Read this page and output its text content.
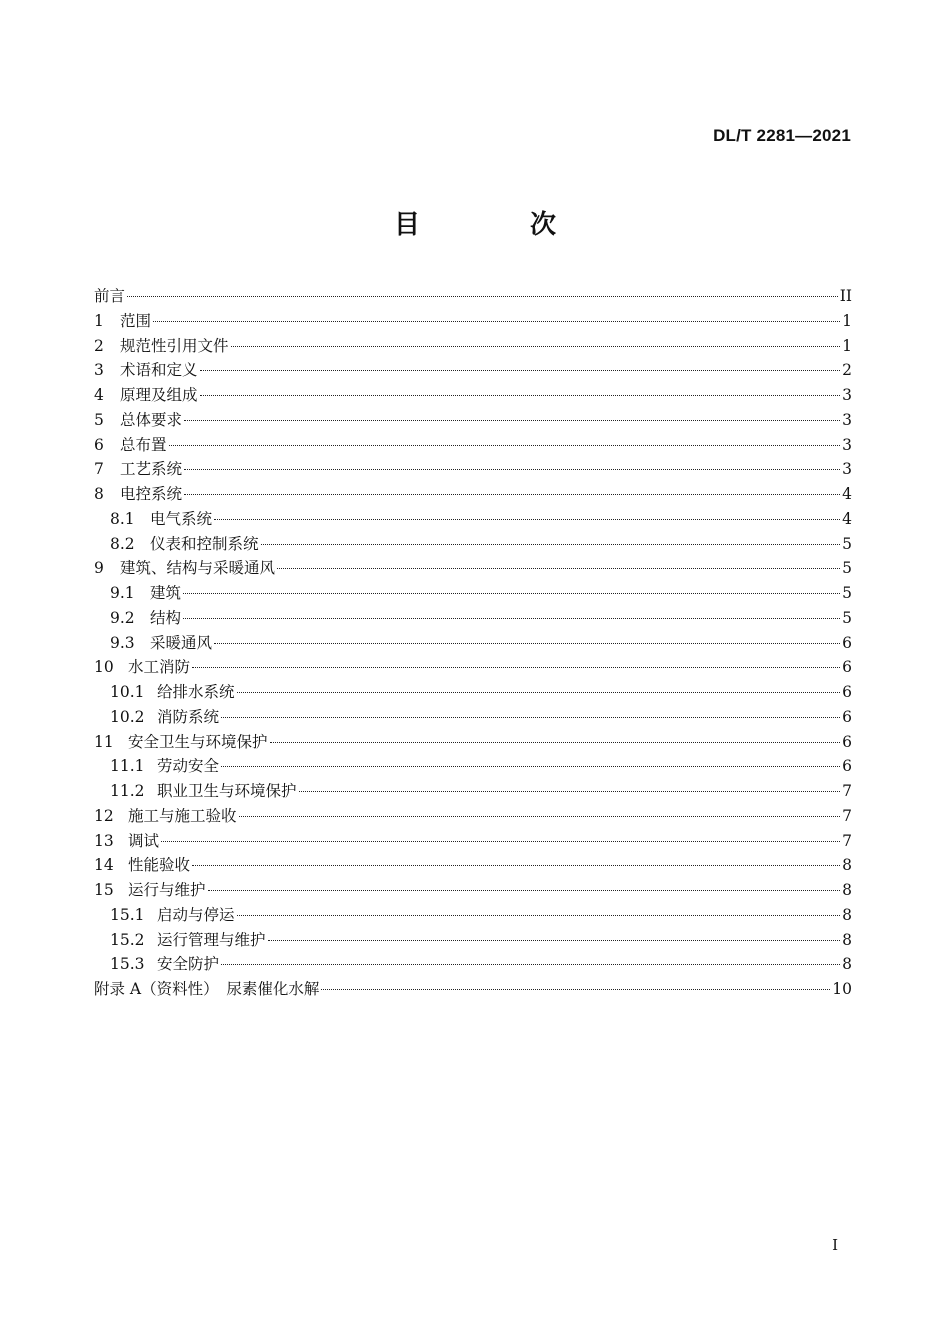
DL/T 2281—2021
目　次
前言	II
1	范围	1
2	规范性引用文件	1
3	术语和定义	2
4	原理及组成	3
5	总体要求	3
6	总布置	3
7	工艺系统	3
8	电控系统	4
8.1 电气系统	4
8.2 仪表和控制系统	5
9	建筑、结构与采暖通风	5
9.1 建筑	5
9.2 结构	5
9.3 采暖通风	6
10 水工消防	6
10.1 给排水系统	6
10.2 消防系统	6
11 安全卫生与环境保护	6
11.1 劳动安全	6
11.2 职业卫生与环境保护	7
12 施工与施工验收	7
13 调试	7
14 性能验收	8
15 运行与维护	8
15.1 启动与停运	8
15.2 运行管理与维护	8
15.3 安全防护	8
附录 A（资料性）　尿素催化水解	10
I
